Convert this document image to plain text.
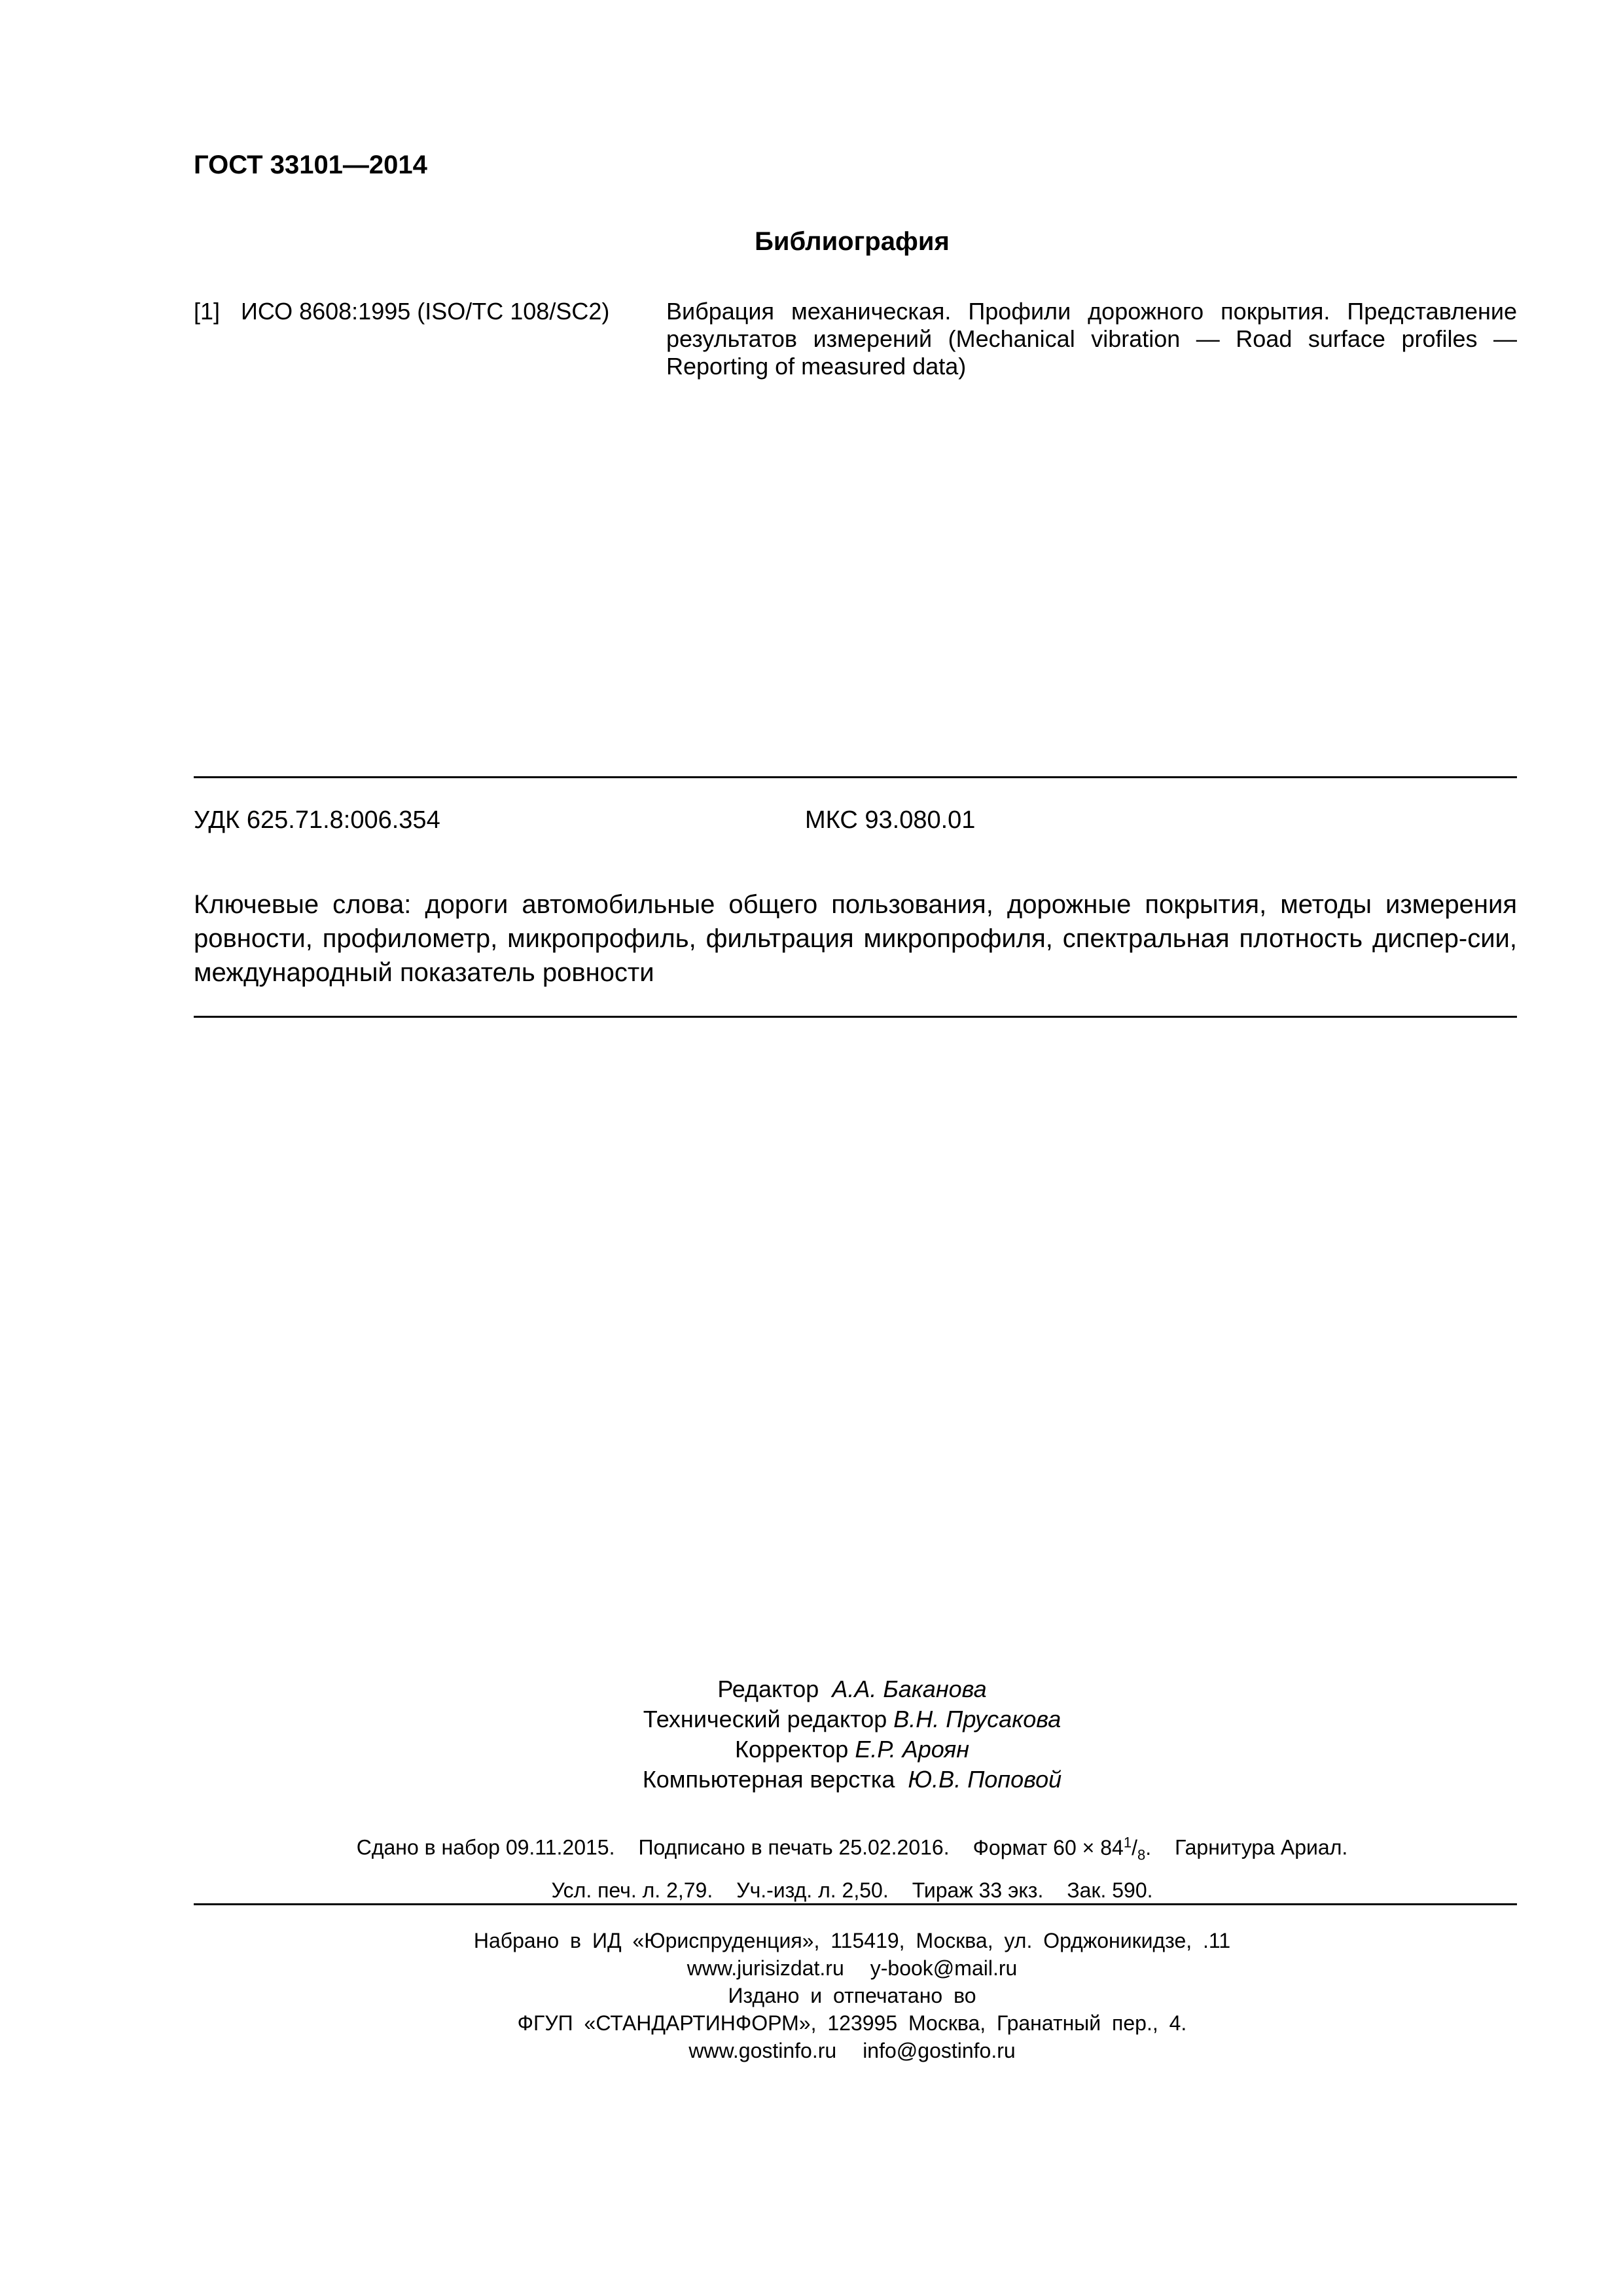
ГОСТ 33101—2014
Библиография
[1] ИСО 8608:1995 (ISO/TC 108/SC2) Вибрация механическая. Профили дорожного покрытия. Представление результатов измерений (Mechanical vibration — Road surface profiles — Reporting of measured data)
УДК 625.71.8:006.354	МКС 93.080.01
Ключевые слова: дороги автомобильные общего пользования, дорожные покрытия, методы измерения ровности, профилометр, микропрофиль, фильтрация микропрофиля, спектральная плотность диспер-сии, международный показатель ровности
Редактор А.А. Баканова
Технический редактор В.Н. Прусакова
Корректор Е.Р. Ароян
Компьютерная верстка Ю.В. Поповой
Сдано в набор 09.11.2015. Подписано в печать 25.02.2016. Формат $60 \times 84^1/_8$. Гарнитура Ариал.
Усл. печ. л. 2,79. Уч.-изд. л. 2,50. Тираж 33 экз. Зак. 590.
Набрано в ИД «Юриспруденция», 115419, Москва, ул. Орджоникидзе, .11
www.jurisizdat.ru y-book@mail.ru
Издано и отпечатано во
ФГУП «СТАНДАРТИНФОРМ», 123995 Москва, Гранатный пер., 4.
www.gostinfo.ru info@gostinfo.ru
